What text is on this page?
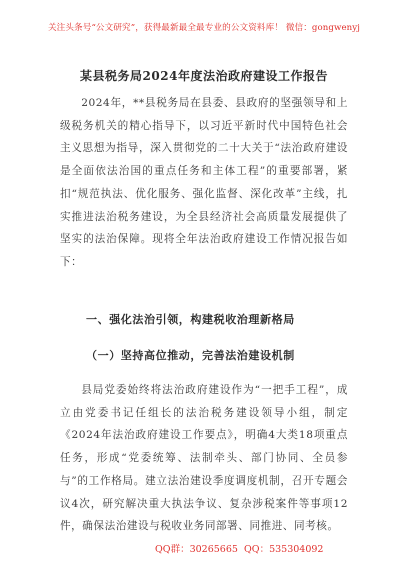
关注头条号“公文研究”，获得最新最全最专业的公文资料库！ 微信：gongwenyj
某县税务局2024年度法治政府建设工作报告

2024年，**县税务局在县委、县政府的坚强领导和上级税务机关的精心指导下，以习近平新时代中国特色社会主义思想为指导，深入贯彻党的二十大关于“法治政府建设是全面依法治国的重点任务和主体工程”的重要部署，紧扣“规范执法、优化服务、强化监督、深化改革”主线，扎实推进法治税务建设，为全县经济社会高质量发展提供了坚实的法治保障。现将全年法治政府建设工作情况报告如下：

一、强化法治引领，构建税收治理新格局
（一）坚持高位推动，完善法治建设机制

县局党委始终将法治政府建设作为“一把手工程”，成立由党委书记任组长的法治税务建设领导小组，制定《2024年法治政府建设工作要点》，明确4大类18项重点任务，形成“党委统筹、法制牵头、部门协同、全员参与”的工作格局。建立法治建设季度调度机制，召开专题会议4次，研究解决重大执法争议、复杂涉税案件等事项12件，确保法治建设与税收业务同部署、同推进、同考核。

QQ群：30265665 QQ：535304092
